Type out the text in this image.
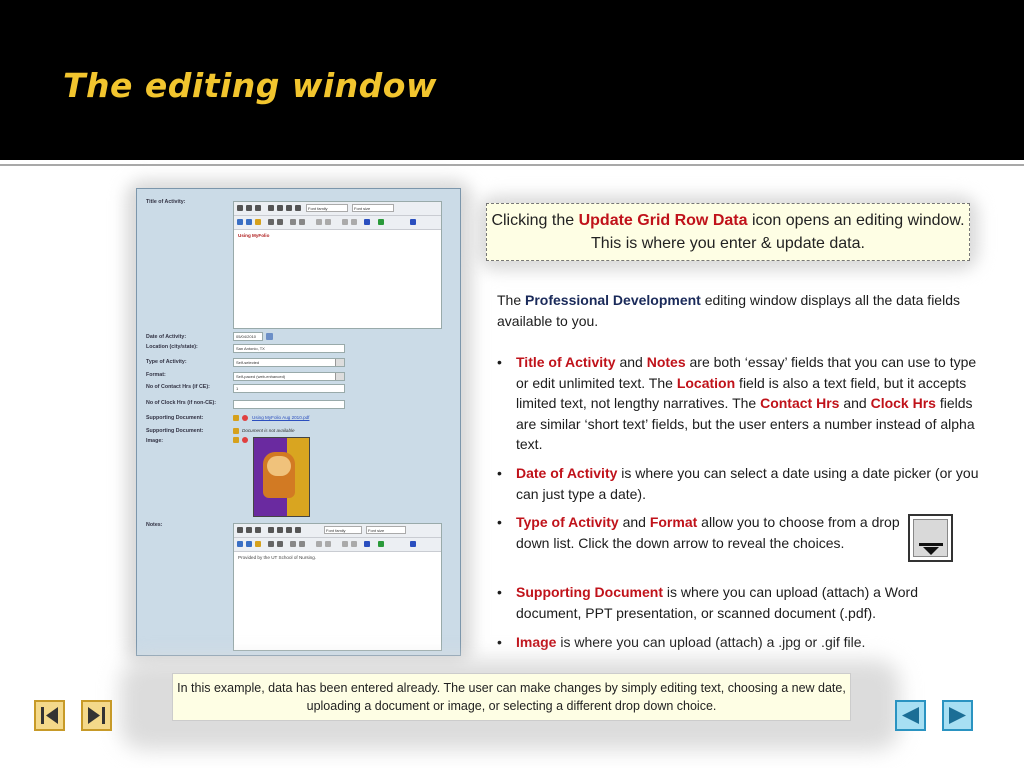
The editing window
Title of Activity:
Font family	Font size
Using MyFolio
Date of Activity:	05/04/2010
Location (city/state):	San Antonio, TX
Type of Activity:	Self-selected
Format:	Self-paced (web-enhanced)
No of Contact Hrs (if CE):	1
No of Clock Hrs (if non-CE):
Supporting Document:	Using MyFolio Aug 2010.pdf
Supporting Document:	Document is not available
Image:
Notes:
Font family	Font size
Provided by the UT School of Nursing.
Clicking the Update Grid Row Data icon opens an editing window. This is where you enter & update data.
The Professional Development editing window displays all the data fields available to you.
• Title of Activity and Notes are both ‘essay’ fields that you can use to type or edit unlimited text. The Location field is also a text field, but it accepts limited text, not lengthy narratives. The Contact Hrs and Clock Hrs fields are similar ‘short text’ fields, but the user enters a number instead of alpha text.
• Date of Activity is where you can select a date using a date picker (or you can just type a date).
• Type of Activity and Format allow you to choose from a drop down list. Click the down arrow to reveal the choices.
• Supporting Document is where you can upload (attach) a Word document, PPT presentation, or scanned document (.pdf).
• Image is where you can upload (attach) a .jpg or .gif file.
In this example, data has been entered already. The user can make changes by simply editing text, choosing a new date, uploading a document or image, or selecting a different drop down choice.
